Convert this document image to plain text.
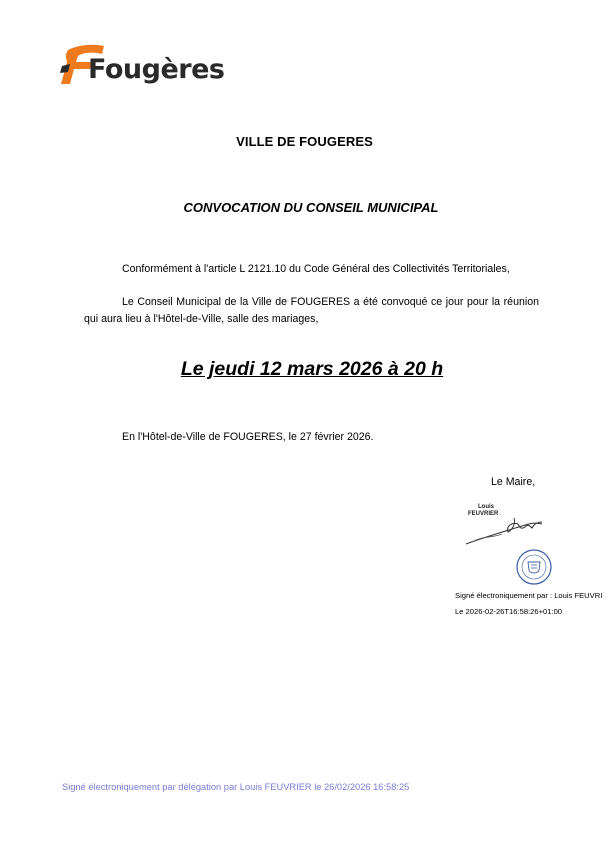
Fougères
VILLE DE FOUGERES
CONVOCATION DU CONSEIL MUNICIPAL
Conformément à l'article L 2121.10 du Code Général des Collectivités Territoriales,
Le Conseil Municipal de la Ville de FOUGERES a été convoqué ce jour pour la réunion qui aura lieu à l'Hôtel-de-Ville, salle des mariages,
Le jeudi 12 mars 2026 à 20 h
En l'Hôtel-de-Ville de FOUGERES, le 27 février 2026.
Le Maire,
Louis
FEUVRIER
Signé électroniquement par : Louis FEUVRI
Le 2026-02-26T16:58:26+01:00
Signé électroniquement par délégation par Louis FEUVRIER le 26/02/2026 16:58:25
